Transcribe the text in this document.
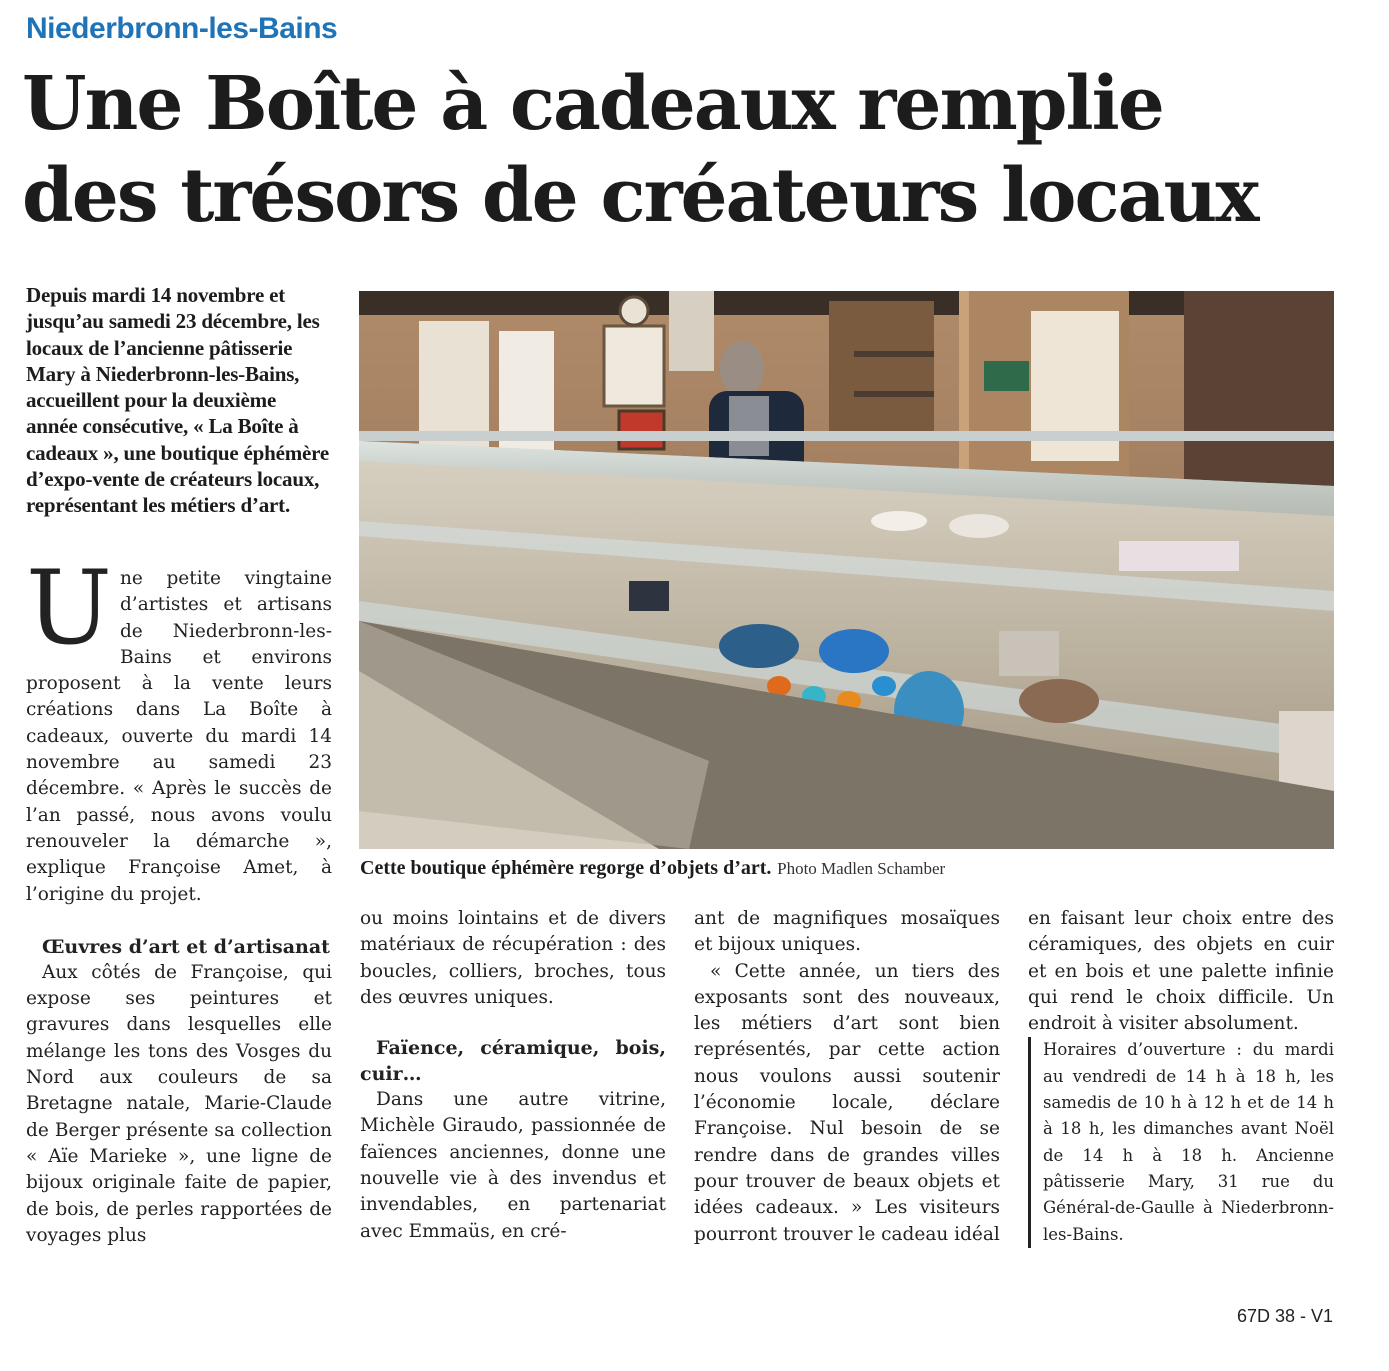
Niederbronn-les-Bains
Une Boîte à cadeaux remplie
des trésors de créateurs locaux
Depuis mardi 14 novembre et jusqu’au samedi 23 décembre, les locaux de l’ancienne pâtisserie Mary à Niederbronn-les-Bains, accueillent pour la deuxième année consécutive, « La Boîte à cadeaux », une boutique éphémère d’expo-vente de créateurs locaux, représentant les métiers d’art.
Cette boutique éphémère regorge d’objets d’art. Photo Madlen Schamber

Une petite vingtaine d’artistes et artisans de Niederbronn-les-Bains et environs proposent à la vente leurs créations dans La Boîte à cadeaux, ouverte du mardi 14 novembre au samedi 23 décembre. « Après le succès de l’an passé, nous avons voulu renouveler la démarche », explique Françoise Amet, à l’origine du projet.

Œuvres d’art et d’artisanat

Aux côtés de Françoise, qui expose ses peintures et gravures dans lesquelles elle mélange les tons des Vosges du Nord aux couleurs de sa Bretagne natale, Marie-Claude de Berger présente sa collection « Aïe Marieke », une ligne de bijoux originale faite de papier, de bois, de perles rapportées de voyages plus

ou moins lointains et de divers matériaux de récupération : des boucles, colliers, broches, tous des œuvres uniques.

Faïence, céramique, bois, cuir…

Dans une autre vitrine, Michèle Giraudo, passionnée de faïences anciennes, donne une nouvelle vie à des invendus et invendables, en partenariat avec Emmaüs, en cré-

ant de magnifiques mosaïques et bijoux uniques.

« Cette année, un tiers des exposants sont des nouveaux, les métiers d’art sont bien représentés, par cette action nous voulons aussi soutenir l’économie locale, déclare Françoise. Nul besoin de se rendre dans de grandes villes pour trouver de beaux objets et idées cadeaux. » Les visiteurs pourront trouver le cadeau idéal

en faisant leur choix entre des céramiques, des objets en cuir et en bois et une palette infinie qui rend le choix difficile. Un endroit à visiter absolument.

Horaires d’ouverture : du mardi au vendredi de 14 h à 18 h, les samedis de 10 h à 12 h et de 14 h à 18 h, les dimanches avant Noël de 14 h à 18 h. Ancienne pâtisserie Mary, 31 rue du Général-de-Gaulle à Niederbronn-les-Bains.

67D 38 - V1
